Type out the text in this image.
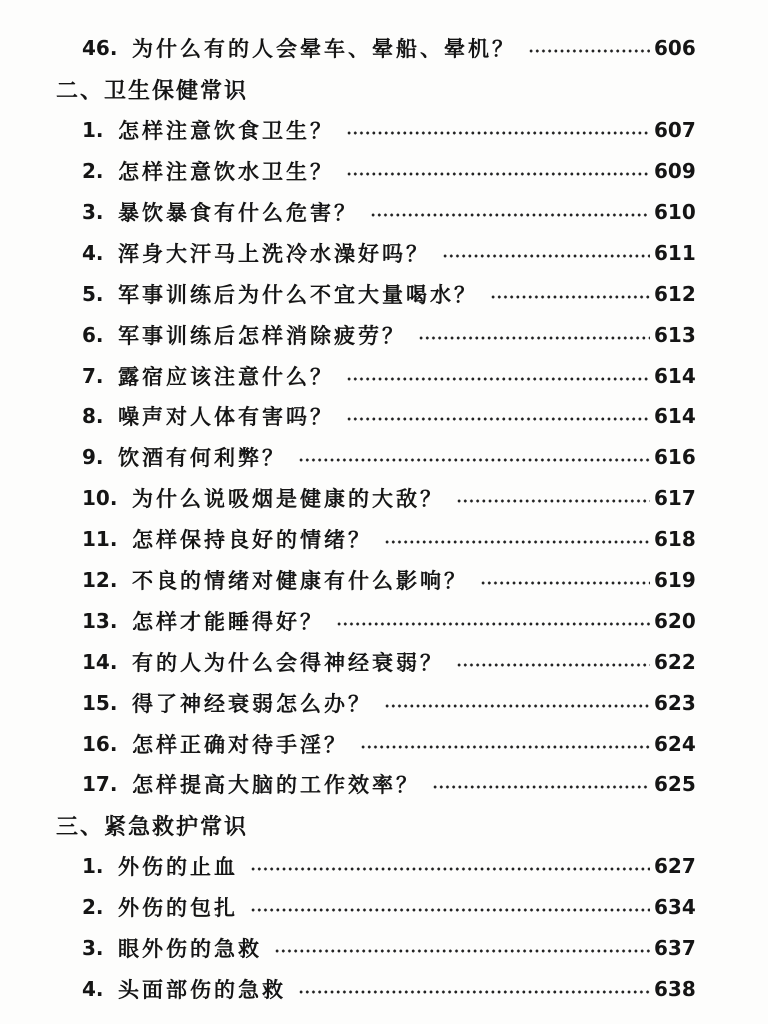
46. 为什么有的人会晕车、晕船、晕机？	606
二、卫生保健常识
1. 怎样注意饮食卫生？	607
2. 怎样注意饮水卫生？	609
3. 暴饮暴食有什么危害？	610
4. 浑身大汗马上洗冷水澡好吗？	611
5. 军事训练后为什么不宜大量喝水？	612
6. 军事训练后怎样消除疲劳？	613
7. 露宿应该注意什么？	614
8. 噪声对人体有害吗？	614
9. 饮酒有何利弊？	616
10. 为什么说吸烟是健康的大敌？	617
11. 怎样保持良好的情绪？	618
12. 不良的情绪对健康有什么影响？	619
13. 怎样才能睡得好？	620
14. 有的人为什么会得神经衰弱？	622
15. 得了神经衰弱怎么办？	623
16. 怎样正确对待手淫？	624
17. 怎样提高大脑的工作效率？	625
三、紧急救护常识
1. 外伤的止血	627
2. 外伤的包扎	634
3. 眼外伤的急救	637
4. 头面部伤的急救	638
